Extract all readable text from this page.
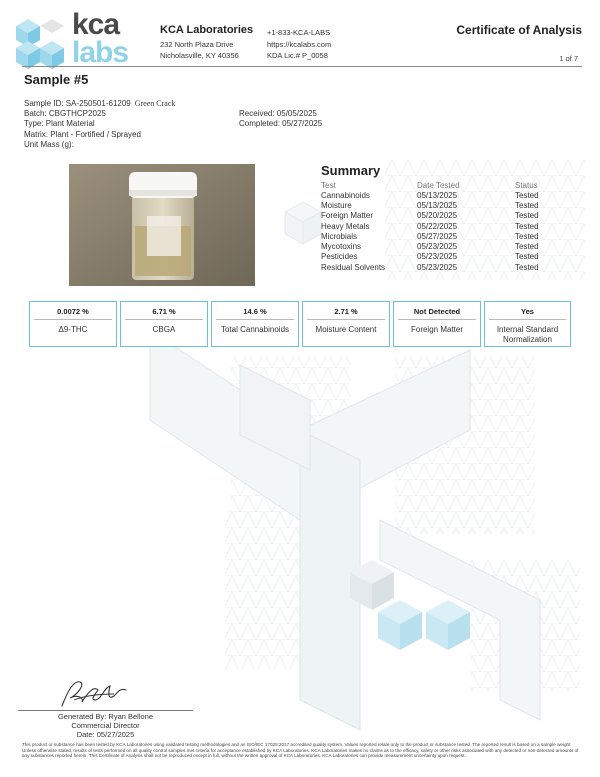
kca
labs
KCA Laboratories
232 North Plaza Drive
Nicholasville, KY 40356
+1-833-KCA-LABS
https://kcalabs.com
KDA Lic.# P_0058
Certificate of Analysis
1 of 7
Sample #5
Sample ID: SA-250501-61209 Green Crack
Batch: CBGTHCP2025
Type: Plant Material
Matrix: Plant - Fortified / Sprayed
Unit Mass (g):
Received: 05/05/2025
Completed: 05/27/2025
Summary
Test	Date Tested	Status
Cannabinoids	05/13/2025	Tested
Moisture	05/13/2025	Tested
Foreign Matter	05/20/2025	Tested
Heavy Metals	05/22/2025	Tested
Microbials	05/27/2025	Tested
Mycotoxins	05/23/2025	Tested
Pesticides	05/23/2025	Tested
Residual Solvents	05/23/2025	Tested
0.0072 %
Δ9-THC
6.71 %
CBGA
14.6 %
Total Cannabinoids
2.71 %
Moisture Content
Not Detected
Foreign Matter
Yes
Internal Standard Normalization
Generated By: Ryan Bellone
Commercial Director
Date: 05/27/2025
This product or substance has been tested by KCA Laboratories using validated testing methodologies and an ISO/IEC 17025:2017 accredited quality system. Values reported relate only to the product or substance tested. The reported result is based on a sample weight. Unless otherwise stated, results of tests performed on all quality control samples met criteria for acceptance established by KCA Laboratories. KCA Laboratories makes no claims as to the efficacy, safety or other risks associated with any detected or non-detected amounts of any substances reported herein. This Certificate of Analysis shall not be reproduced except in full, without the written approval of KCA Laboratories. KCA Laboratories can provide measurement uncertainty upon request.
